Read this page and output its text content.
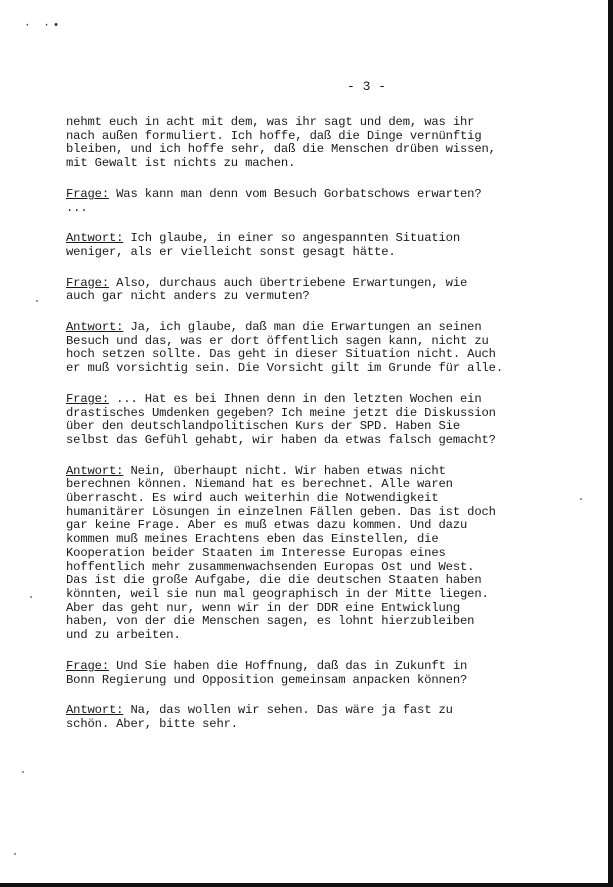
· ·•
- 3 -
nehmt euch in acht mit dem, was ihr sagt und dem, was ihr
nach außen formuliert. Ich hoffe, daß die Dinge vernünftig
bleiben, und ich hoffe sehr, daß die Menschen drüben wissen,
mit Gewalt ist nichts zu machen.
Frage: Was kann man denn vom Besuch Gorbatschows erwarten?
...
Antwort: Ich glaube, in einer so angespannten Situation
weniger, als er vielleicht sonst gesagt hätte.
Frage: Also, durchaus auch übertriebene Erwartungen, wie
auch gar nicht anders zu vermuten?
Antwort: Ja, ich glaube, daß man die Erwartungen an seinen
Besuch und das, was er dort öffentlich sagen kann, nicht zu
hoch setzen sollte. Das geht in dieser Situation nicht. Auch
er muß vorsichtig sein. Die Vorsicht gilt im Grunde für alle.
Frage: ... Hat es bei Ihnen denn in den letzten Wochen ein
drastisches Umdenken gegeben? Ich meine jetzt die Diskussion
über den deutschlandpolitischen Kurs der SPD. Haben Sie
selbst das Gefühl gehabt, wir haben da etwas falsch gemacht?
Antwort: Nein, überhaupt nicht. Wir haben etwas nicht
berechnen können. Niemand hat es berechnet. Alle waren
überrascht. Es wird auch weiterhin die Notwendigkeit
humanitärer Lösungen in einzelnen Fällen geben. Das ist doch
gar keine Frage. Aber es muß etwas dazu kommen. Und dazu
kommen muß meines Erachtens eben das Einstellen, die
Kooperation beider Staaten im Interesse Europas eines
hoffentlich mehr zusammenwachsenden Europas Ost und West.
Das ist die große Aufgabe, die die deutschen Staaten haben
könnten, weil sie nun mal geographisch in der Mitte liegen.
Aber das geht nur, wenn wir in der DDR eine Entwicklung
haben, von der die Menschen sagen, es lohnt hierzubleiben
und zu arbeiten.
Frage: Und Sie haben die Hoffnung, daß das in Zukunft in
Bonn Regierung und Opposition gemeinsam anpacken können?
Antwort: Na, das wollen wir sehen. Das wäre ja fast zu
schön. Aber, bitte sehr.
